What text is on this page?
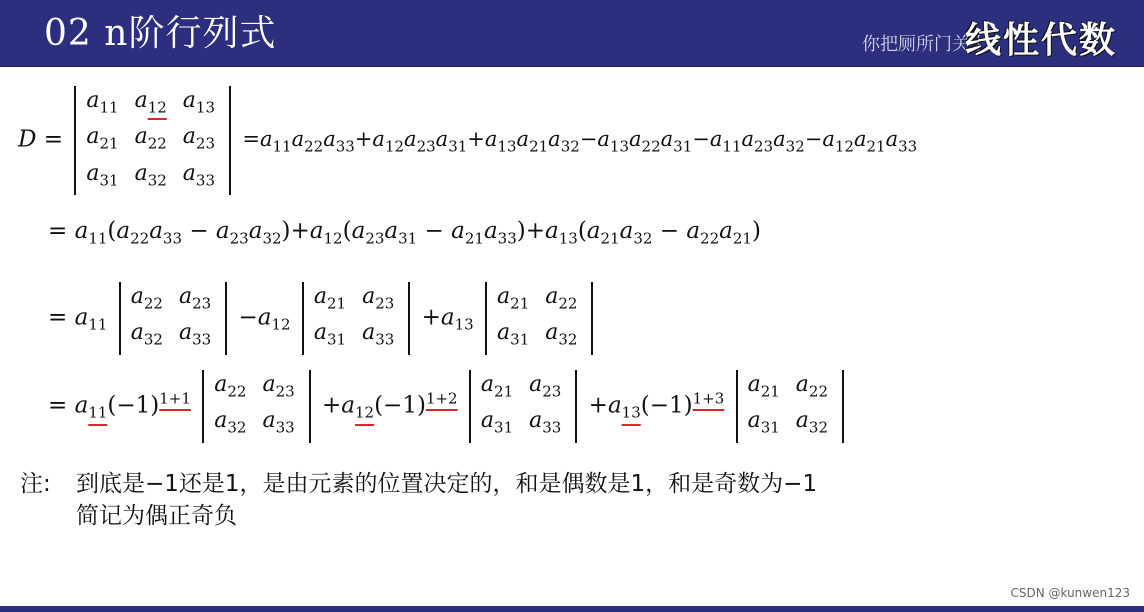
02 n阶行列式	你把厕所门关上
线性代数
D =
$a_{11}$	$a_{12}$	$a_{13}$
$a_{21}$	$a_{22}$	$a_{23}$
$a_{31}$	$a_{32}$	$a_{33}$
$=a_{11}a_{22}a_{33}+a_{12}a_{23}a_{31}+a_{13}a_{21}a_{32}-a_{13}a_{22}a_{31}-a_{11}a_{23}a_{32}-a_{12}a_{21}a_{33}$
= $a_{11}(a_{22}a_{33} - a_{23}a_{32})+a_{12}(a_{23}a_{31} - a_{21}a_{33})+a_{13}(a_{21}a_{32} - a_{22}a_{21})$
= $a_{11}$
$a_{22}$	$a_{23}$
$a_{32}$	$a_{33}$
$-a_{12}$
$a_{21}$	$a_{23}$
$a_{31}$	$a_{33}$
$+a_{13}$
$a_{21}$	$a_{22}$
$a_{31}$	$a_{32}$
= $a_{11}(-1)^{1+1}$
$a_{22}$	$a_{23}$
$a_{32}$	$a_{33}$
$+a_{12}(-1)^{1+2}$
$a_{21}$	$a_{23}$
$a_{31}$	$a_{33}$
$+a_{13}(-1)^{1+3}$
$a_{21}$	$a_{22}$
$a_{31}$	$a_{32}$
注: 到底是−1还是1，是由元素的位置决定的，和是偶数是1，和是奇数为−1
简记为偶正奇负
CSDN @kunwen123
